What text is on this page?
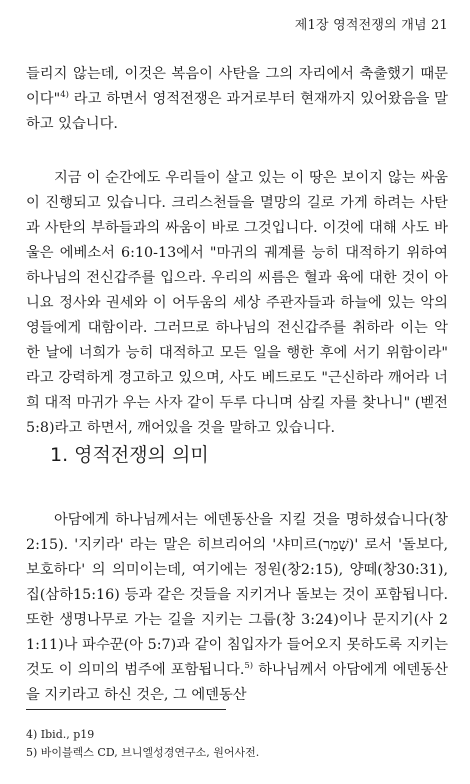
제1장 영적전쟁의 개념 21
들리지 않는데, 이것은 복음이 사탄을 그의 자리에서 축출했기 때문이다"$^{4)}$ 라고 하면서 영적전쟁은 과거로부터 현재까지 있어왔음을 말하고 있습니다.
지금 이 순간에도 우리들이 살고 있는 이 땅은 보이지 않는 싸움이 진행되고 있습니다. 크리스천들을 멸망의 길로 가게 하려는 사탄과 사탄의 부하들과의 싸움이 바로 그것입니다. 이것에 대해 사도 바울은 에베소서 6:10-13에서 "마귀의 궤계를 능히 대적하기 위하여 하나님의 전신갑주를 입으라. 우리의 씨름은 혈과 육에 대한 것이 아니요 정사와 권세와 이 어두움의 세상 주관자들과 하늘에 있는 악의 영들에게 대함이라. 그러므로 하나님의 전신갑주를 취하라 이는 악한 날에 너희가 능히 대적하고 모든 일을 행한 후에 서기 위함이라" 라고 강력하게 경고하고 있으며, 사도 베드로도 "근신하라 깨어라 너희 대적 마귀가 우는 사자 같이 두루 다니며 삼킬 자를 찾나니" (벧전5:8)라고 하면서, 깨어있을 것을 말하고 있습니다.
1. 영적전쟁의 의미
아담에게 하나님께서는 에덴동산을 지킬 것을 명하셨습니다(창 2:15). '지키라' 라는 말은 히브리어의 '샤미르(שָׁמַר)' 로서 '돌보다, 보호하다' 의 의미이는데, 여기에는 정원(창2:15), 양떼(창30:31), 집(삼하15:16) 등과 같은 것들을 지키거나 돌보는 것이 포함됩니다. 또한 생명나무로 가는 길을 지키는 그룹(창 3:24)이나 문지기(사 21:11)나 파수꾼(아 5:7)과 같이 침입자가 들어오지 못하도록 지키는 것도 이 의미의 범주에 포함됩니다.$^{5)}$ 하나님께서 아담에게 에덴동산을 지키라고 하신 것은, 그 에덴동산
4) Ibid., p19
5) 바이블렉스 CD, 브니엘성경연구소, 원어사전.
